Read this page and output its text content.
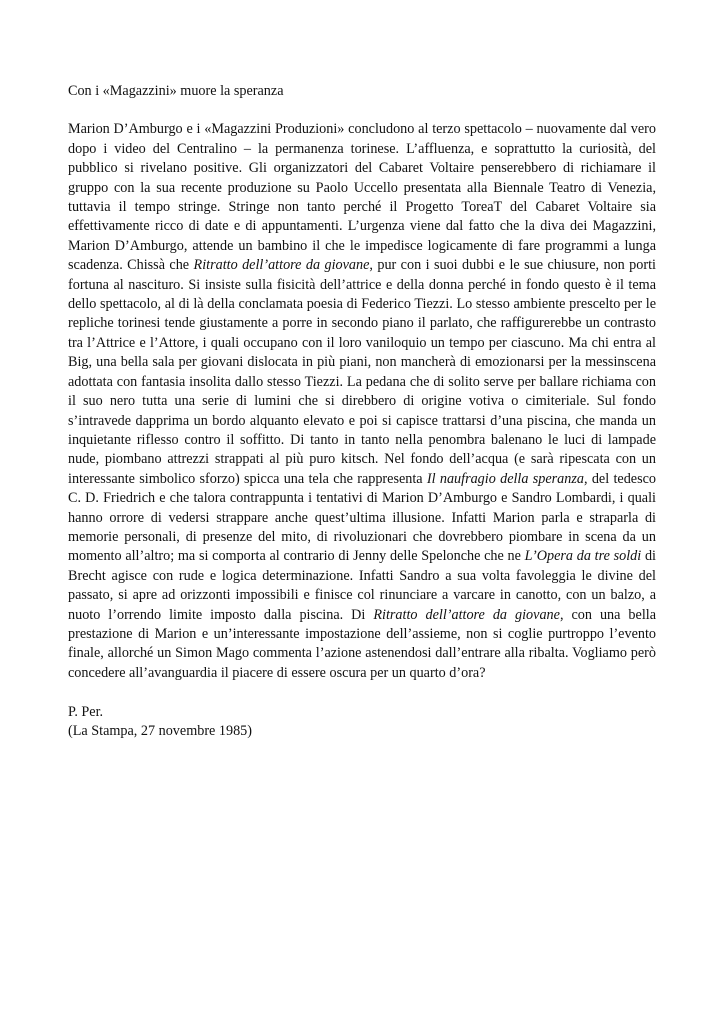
Con i «Magazzini» muore la speranza

Marion D’Amburgo e i «Magazzini Produzioni» concludono al terzo spettacolo – nuovamente dal vero dopo i video del Centralino – la permanenza torinese. L’affluenza, e soprattutto la curiosità, del pubblico si rivelano positive. Gli organizzatori del Cabaret Voltaire penserebbero di richiamare il gruppo con la sua recente produzione su Paolo Uccello presentata alla Biennale Teatro di Venezia, tuttavia il tempo stringe. Stringe non tanto perché il Progetto ToreaT del Cabaret Voltaire sia effettivamente ricco di date e di appuntamenti. L’urgenza viene dal fatto che la diva dei Magazzini, Marion D’Amburgo, attende un bambino il che le impedisce logicamente di fare programmi a lunga scadenza. Chissà che Ritratto dell’attore da giovane, pur con i suoi dubbi e le sue chiusure, non porti fortuna al nascituro. Si insiste sulla fisicità dell’attrice e della donna perché in fondo questo è il tema dello spettacolo, al di là della conclamata poesia di Federico Tiezzi. Lo stesso ambiente prescelto per le repliche torinesi tende giustamente a porre in secondo piano il parlato, che raffigurerebbe un contrasto tra l’Attrice e l’Attore, i quali occupano con il loro vaniloquio un tempo per ciascuno. Ma chi entra al Big, una bella sala per giovani dislocata in più piani, non mancherà di emozionarsi per la messinscena adottata con fantasia insolita dallo stesso Tiezzi. La pedana che di solito serve per ballare richiama con il suo nero tutta una serie di lumini che si direbbero di origine votiva o cimiteriale. Sul fondo s’intravede dapprima un bordo alquanto elevato e poi si capisce trattarsi d’una piscina, che manda un inquietante riflesso contro il soffitto. Di tanto in tanto nella penombra balenano le luci di lampade nude, piombano attrezzi strappati al più puro kitsch. Nel fondo dell’acqua (e sarà ripescata con un interessante simbolico sforzo) spicca una tela che rappresenta Il naufragio della speranza, del tedesco C. D. Friedrich e che talora contrappunta i tentativi di Marion D’Amburgo e Sandro Lombardi, i quali hanno orrore di vedersi strappare anche quest’ultima illusione. Infatti Marion parla e straparla di memorie personali, di presenze del mito, di rivoluzionari che dovrebbero piombare in scena da un momento all’altro; ma si comporta al contrario di Jenny delle Spelonche che ne L’Opera da tre soldi di Brecht agisce con rude e logica determinazione. Infatti Sandro a sua volta favoleggia le divine del passato, si apre ad orizzonti impossibili e finisce col rinunciare a varcare in canotto, con un balzo, a nuoto l’orrendo limite imposto dalla piscina. Di Ritratto dell’attore da giovane, con una bella prestazione di Marion e un’interessante impostazione dell’assieme, non si coglie purtroppo l’evento finale, allorché un Simon Mago commenta l’azione astenendosi dall’entrare alla ribalta. Vogliamo però concedere all’avanguardia il piacere di essere oscura per un quarto d’ora?

P. Per.

(La Stampa, 27 novembre 1985)
